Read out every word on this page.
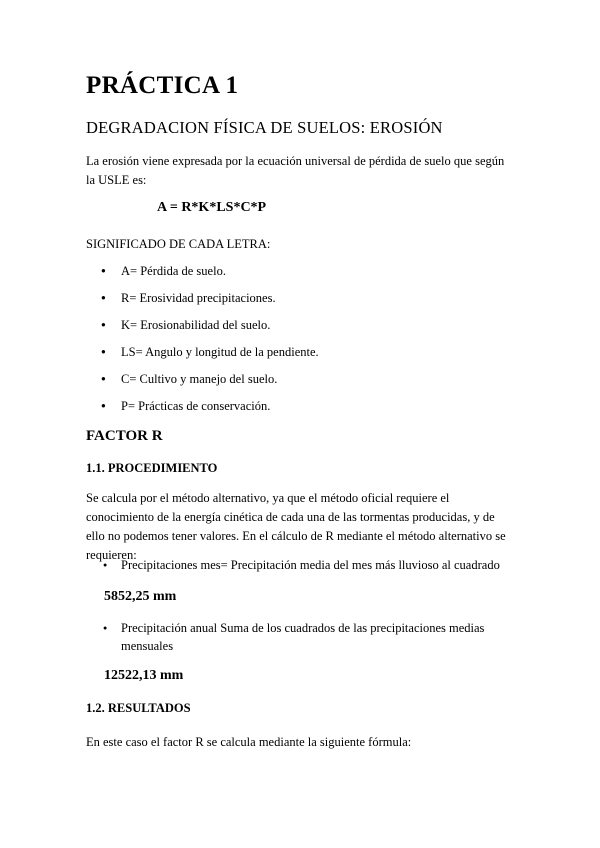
PRÁCTICA 1
DEGRADACION FÍSICA DE SUELOS: EROSIÓN

La erosión viene expresada por la ecuación universal de pérdida de suelo que según la USLE es:

A = R*K*LS*C*P
SIGNIFICADO DE CADA LETRA:
● A= Pérdida de suelo.
● R= Erosividad precipitaciones.
● K= Erosionabilidad del suelo.
● LS= Angulo y longitud de la pendiente.
● C= Cultivo y manejo del suelo.
● P= Prácticas de conservación.
FACTOR R
1.1. PROCEDIMIENTO

Se calcula por el método alternativo, ya que el método oficial requiere el conocimiento de la energía cinética de cada una de las tormentas producidas, y de ello no podemos tener valores. En el cálculo de R mediante el método alternativo se requieren:

● Precipitaciones mes= Precipitación media del mes más lluvioso al cuadrado
5852,25 mm
● Precipitación anual Suma de los cuadrados de las precipitaciones medias mensuales
12522,13 mm
1.2. RESULTADOS

En este caso el factor R se calcula mediante la siguiente fórmula:
